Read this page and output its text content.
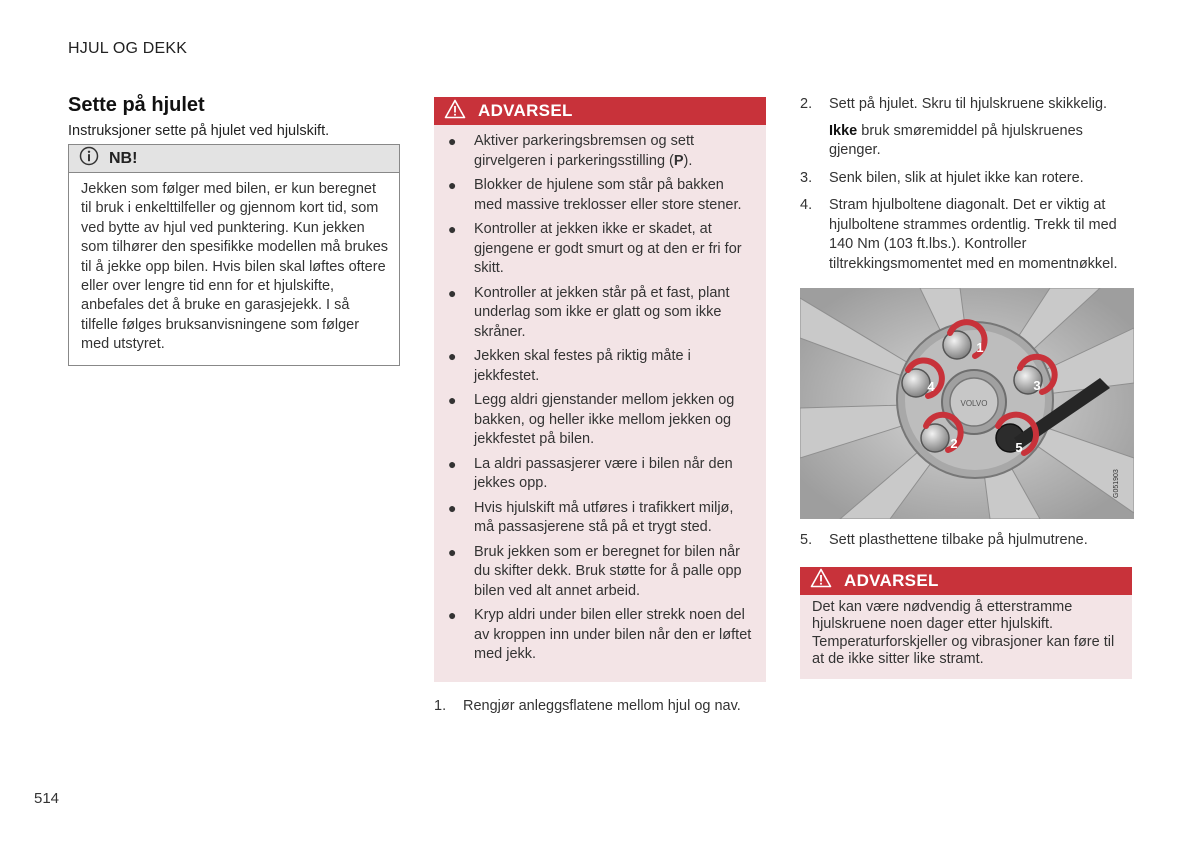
HJUL OG DEKK
Sette på hjulet
Instruksjoner sette på hjulet ved hjulskift.
NB!
Jekken som følger med bilen, er kun beregnet til bruk i enkelttilfeller og gjennom kort tid, som ved bytte av hjul ved punktering. Kun jekken som tilhører den spesifikke modellen må brukes til å jekke opp bilen. Hvis bilen skal løftes oftere eller over lengre tid enn for et hjulskifte, anbefales det å bruke en garasjejekk. I så tilfelle følges bruksanvisningene som følger med utstyret.
ADVARSEL
● Aktiver parkeringsbremsen og sett girvelgeren i parkeringsstilling (P).
● Blokker de hjulene som står på bakken med massive treklosser eller store stener.
● Kontroller at jekken ikke er skadet, at gjengene er godt smurt og at den er fri for skitt.
● Kontroller at jekken står på et fast, plant underlag som ikke er glatt og som ikke skråner.
● Jekken skal festes på riktig måte i jekkfestet.
● Legg aldri gjenstander mellom jekken og bakken, og heller ikke mellom jekken og jekkfestet på bilen.
● La aldri passasjerer være i bilen når den jekkes opp.
● Hvis hjulskift må utføres i trafikkert miljø, må passasjerene stå på et trygt sted.
● Bruk jekken som er beregnet for bilen når du skifter dekk. Bruk støtte for å palle opp bilen ved alt annet arbeid.
● Kryp aldri under bilen eller strekk noen del av kroppen inn under bilen når den er løftet med jekk.
1. Rengjør anleggsflatene mellom hjul og nav.
2. Sett på hjulet. Skru til hjulskruene skikkelig.
Ikke bruk smøremiddel på hjulskruenes gjenger.
3. Senk bilen, slik at hjulet ikke kan rotere.
4. Stram hjulboltene diagonalt. Det er viktig at hjulboltene strammes ordentlig. Trekk til med 140 Nm (103 ft.lbs.). Kontroller tiltrekkingsmomentet med en momentnøkkel.
VOLVO
1
2
3
4
5
G051903
5. Sett plasthettene tilbake på hjulmutrene.
ADVARSEL
Det kan være nødvendig å etterstramme hjulskruene noen dager etter hjulskift. Temperaturforskjeller og vibrasjoner kan føre til at de ikke sitter like stramt.
514
